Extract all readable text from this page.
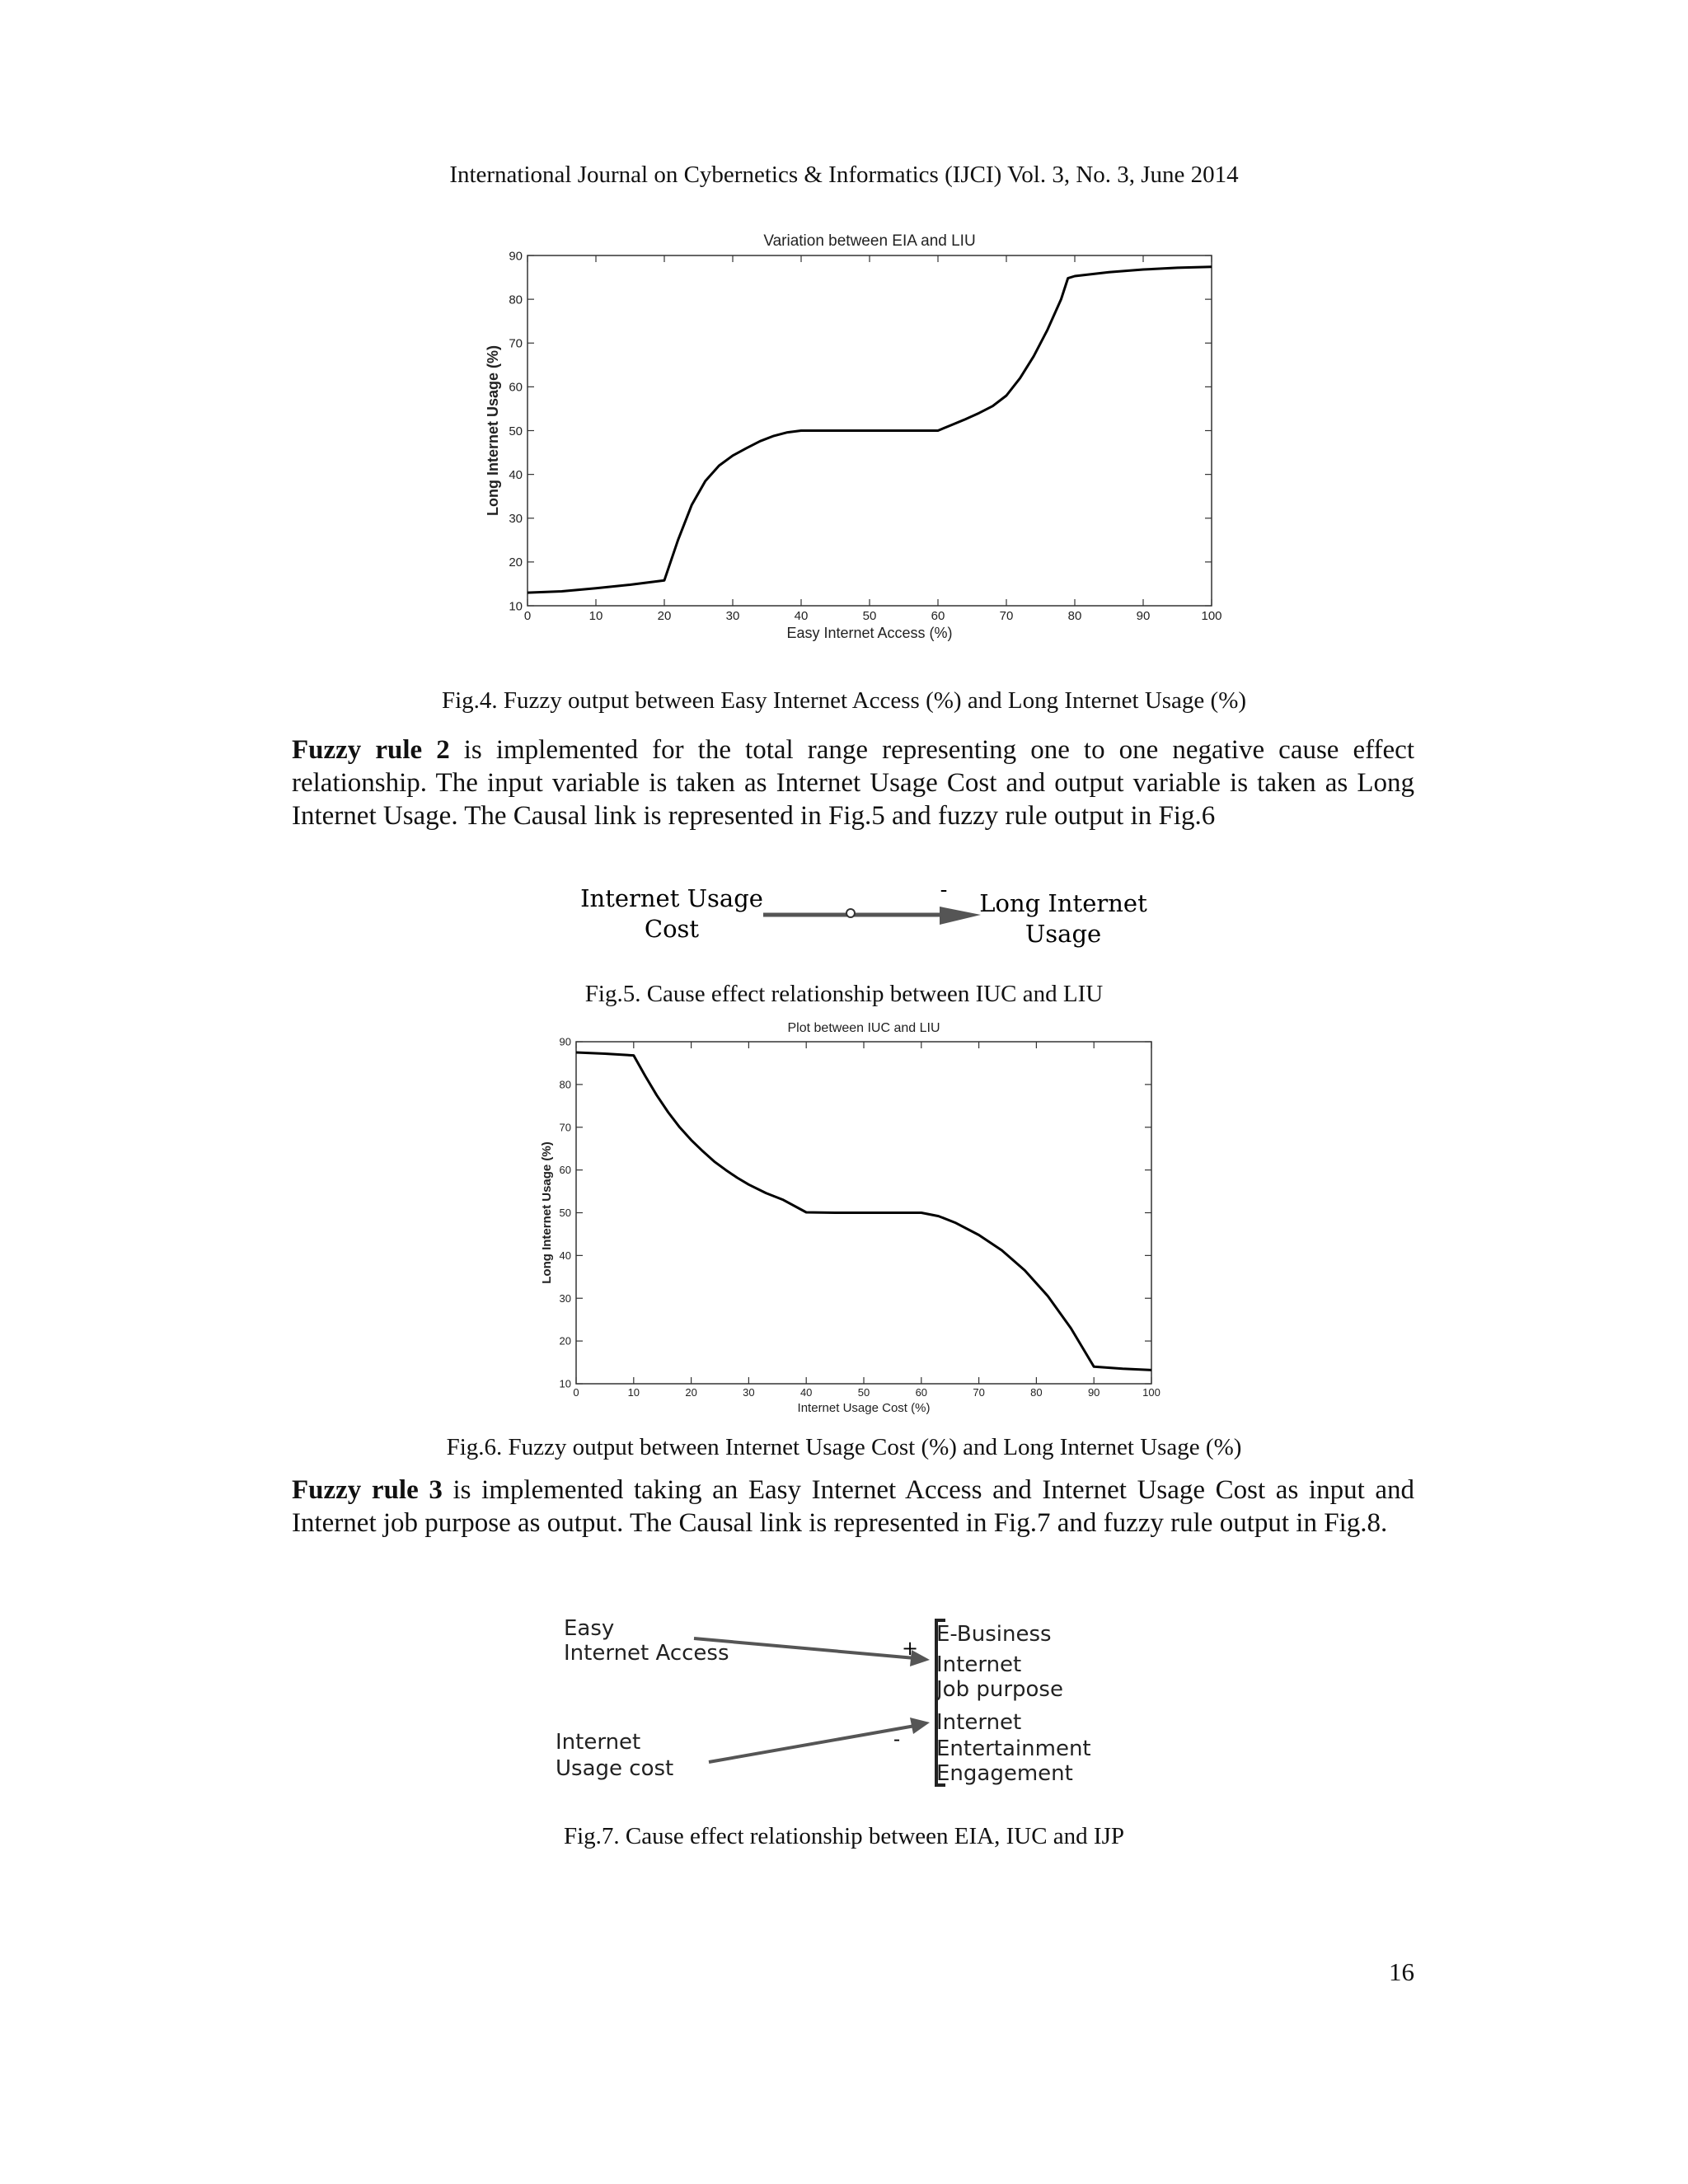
International Journal on Cybernetics & Informatics (IJCI) Vol. 3, No. 3, June 2014
Variation between EIA and LIU
0	10	20	30	40	50	60	70	80	90	100
10
20
30
40
50
60
70
80
90
Easy Internet Access (%)
Long Internet Usage (%)
Fig.4. Fuzzy output between Easy Internet Access (%) and Long Internet Usage (%)
Fuzzy rule 2 is implemented for the total range representing one to one negative cause effect relationship. The input variable is taken as Internet Usage Cost and output variable is taken as Long Internet Usage. The Causal link is represented in Fig.5 and fuzzy rule output in Fig.6
Internet Usage
Cost
- Long Internet
Usage
Fig.5. Cause effect relationship between IUC and LIU
Plot between IUC and LIU
0	10	20	30	40	50	60	70	80	90	100
10
20
30
40
50
60
70
80
90
Internet Usage Cost (%)
Long Internet Usage (%)
Fig.6. Fuzzy output between Internet Usage Cost (%) and Long Internet Usage (%)
Fuzzy rule 3 is implemented taking an Easy Internet Access and Internet Usage Cost as input and Internet job purpose as output. The Causal link is represented in Fig.7 and fuzzy rule output in Fig.8.
Easy
Internet Access
Internet
Usage cost
+
-
E-Business
Internet
Job purpose
Internet
Entertainment
Engagement
Fig.7. Cause effect relationship between EIA, IUC and IJP
16
